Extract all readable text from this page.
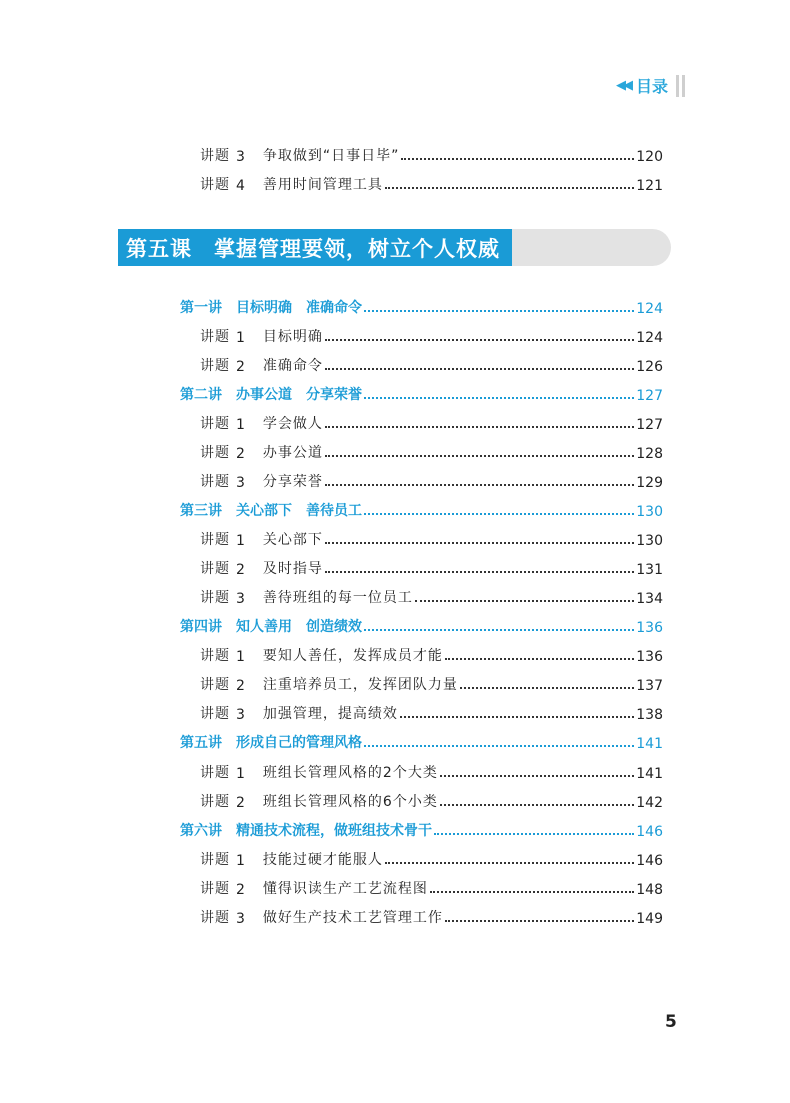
◀◀ 目录
讲题 3 争取做到“日事日毕”	120
讲题 4 善用时间管理工具	121
第五课　掌握管理要领，树立个人权威
第一讲　目标明确　准确命令	124
讲题 1 目标明确	124
讲题 2 准确命令	126
第二讲　办事公道　分享荣誉	127
讲题 1 学会做人	127
讲题 2 办事公道	128
讲题 3 分享荣誉	129
第三讲　关心部下　善待员工	130
讲题 1 关心部下	130
讲题 2 及时指导	131
讲题 3 善待班组的每一位员工	134
第四讲　知人善用　创造绩效	136
讲题 1 要知人善任，发挥成员才能	136
讲题 2 注重培养员工，发挥团队力量	137
讲题 3 加强管理，提高绩效	138
第五讲　形成自己的管理风格	141
讲题 1 班组长管理风格的2个大类	141
讲题 2 班组长管理风格的6个小类	142
第六讲　精通技术流程，做班组技术骨干	146
讲题 1 技能过硬才能服人	146
讲题 2 懂得识读生产工艺流程图	148
讲题 3 做好生产技术工艺管理工作	149
5
